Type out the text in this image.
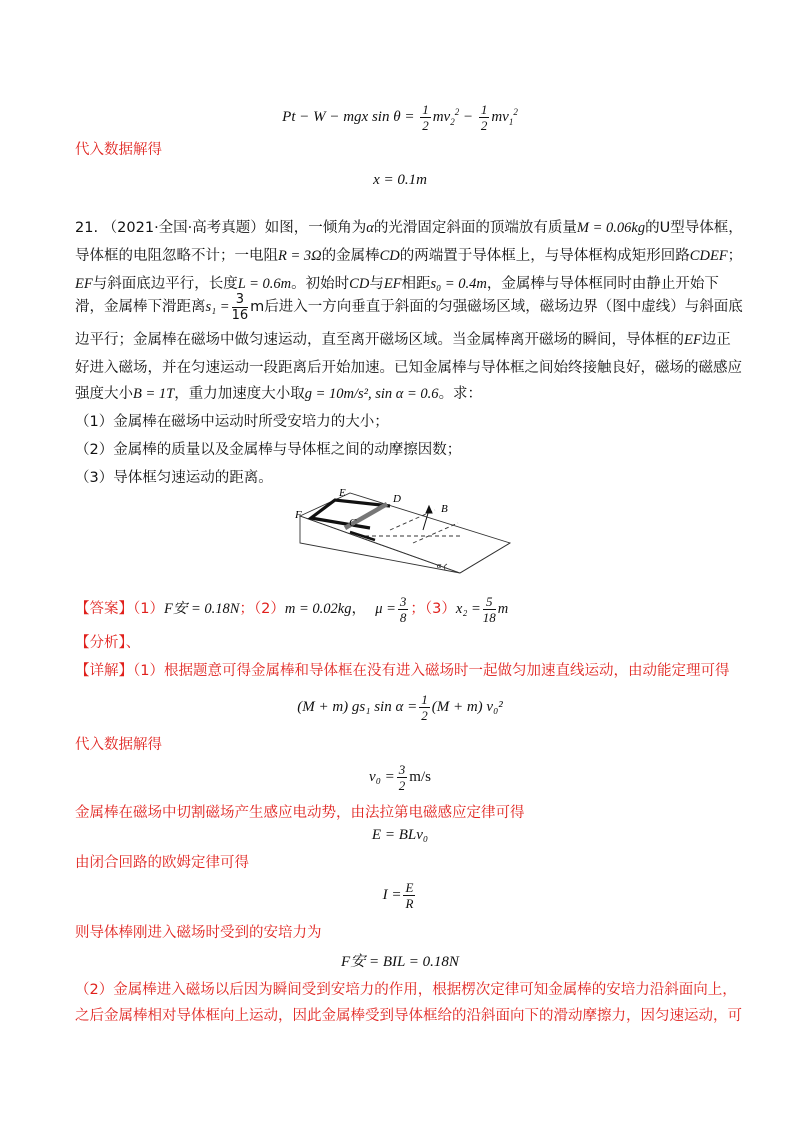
Pt − W − mgx $\sin \theta = \frac{1}{2} mv_2^2 - \frac{1}{2} mv_1^2$
代入数据解得
x = 0.1m
21. （2021·全国·高考真题）如图，一倾角为α的光滑固定斜面的顶端放有质量M = 0.06kg的U型导体框，
导体框的电阻忽略不计；一电阻R = 3Ω的金属棒CD的两端置于导体框上，与导体框构成矩形回路CDEF；
EF与斜面底边平行，长度L = 0.6m。初始时CD与EF相距s₀ = 0.4m，金属棒与导体框同时由静止开始下
滑，金属棒下滑距离$s_1 = \frac{3}{16}$ m后进入一方向垂直于斜面的匀强磁场区域，磁场边界（图中虚线）与斜面底
边平行；金属棒在磁场中做匀速运动，直至离开磁场区域。当金属棒离开磁场的瞬间，导体框的EF边正
好进入磁场，并在匀速运动一段距离后开始加速。已知金属棒与导体框之间始终接触良好，磁场的磁感应
强度大小B = 1T，重力加速度大小取g = 10m/s², sin α = 0.6。求：
（1）金属棒在磁场中运动时所受安培力的大小；
（2）金属棒的质量以及金属棒与导体框之间的动摩擦因数；
（3）导体框匀速运动的距离。
E
F
C
D
B
α
【答案】（1）F安 = 0.18N；（2）m = 0.02kg， $\mu = \frac{3}{8}$ ；$(3)x_2 = \frac{5}{18}$ m
【分析】、
【详解】（1）根据题意可得金属棒和导体框在没有进入磁场时一起做匀加速直线运动，由动能定理可得
(M + m) gs₁ $\sin \alpha = \frac{1}{2} (M + m)$ v₀²
代入数据解得
$v_0 = \frac{3}{2} m/s$
金属棒在磁场中切割磁场产生感应电动势，由法拉第电磁感应定律可得
E = BLv₀
由闭合回路的欧姆定律可得
$I = \frac{E}{R}$
则导体棒刚进入磁场时受到的安培力为
F安 = BIL = 0.18N
（2）金属棒进入磁场以后因为瞬间受到安培力的作用，根据楞次定律可知金属棒的安培力沿斜面向上，
之后金属棒相对导体框向上运动，因此金属棒受到导体框给的沿斜面向下的滑动摩擦力，因匀速运动，可
